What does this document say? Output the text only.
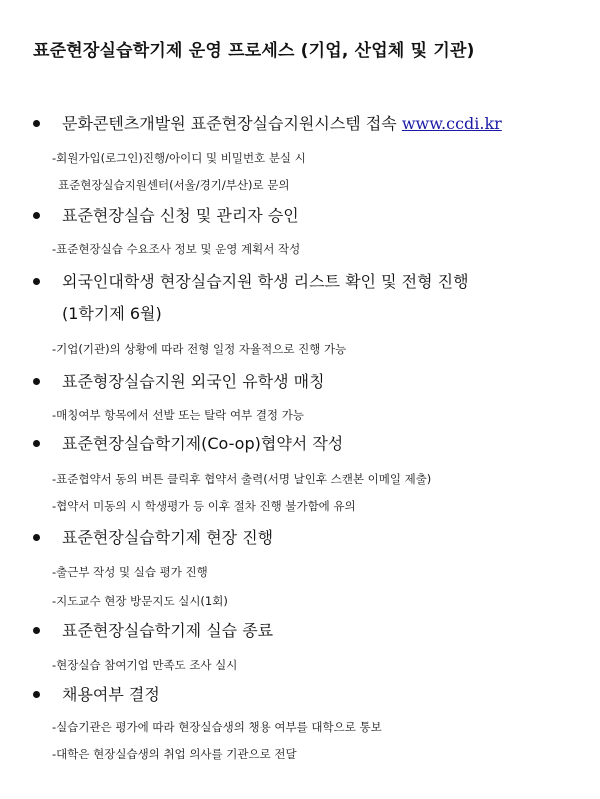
표준현장실습학기제 운영 프로세스 (기업, 산업체 및 기관)
문화콘텐츠개발원 표준현장실습지원시스템 접속 www.ccdi.kr
-회원가입(로그인)진행/아이디 및 비밀번호 분실 시
표준현장실습지원센터(서울/경기/부산)로 문의
표준현장실습 신청 및 관리자 승인
-표준현장실습 수요조사 정보 및 운영 계획서 작성
외국인대학생 현장실습지원 학생 리스트 확인 및 전형 진행
(1학기제 6월)
-기업(기관)의 상황에 따라 전형 일정 자율적으로 진행 가능
표준형장실습지원 외국인 유학생 매칭
-매칭여부 항목에서 선발 또는 탈락 여부 결정 가능
표준현장실습학기제(Co-op)협약서 작성
-표준협약서 동의 버튼 클릭후 협약서 출력(서명 날인후 스캔본 이메일 제출)
-협약서 미동의 시 학생평가 등 이후 절차 진행 불가함에 유의
표준현장실습학기제 현장 진행
-출근부 작성 및 실습 평가 진행
-지도교수 현장 방문지도 실시(1회)
표준현장실습학기제 실습 종료
-현장실습 참여기업 만족도 조사 실시
채용여부 결정
-실습기관은 평가에 따라 현장실습생의 챙용 여부를 대학으로 통보
-대학은 현장실습생의 취업 의사를 기관으로 전달
